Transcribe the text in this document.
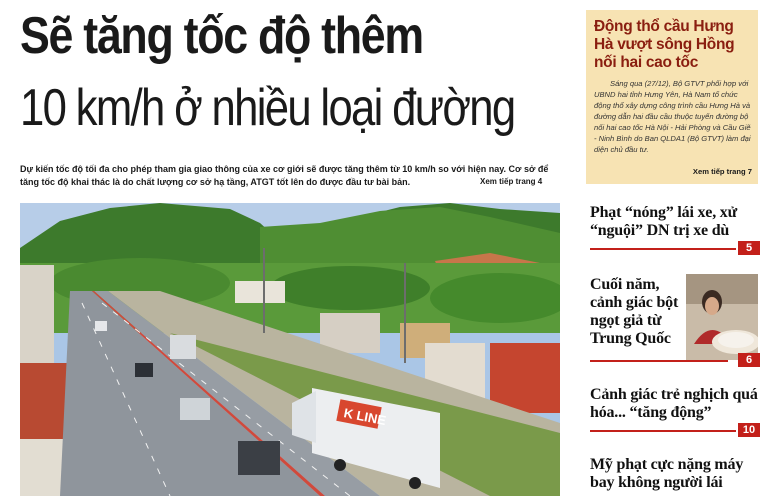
Sẽ tăng tốc độ thêm
10 km/h ở nhiều loại đường
Dự kiến tốc độ tối đa cho phép tham gia giao thông của xe cơ giới sẽ được tăng thêm từ 10 km/h so với hiện nay. Cơ sở để tăng tốc độ khai thác là do chất lượng cơ sở hạ tầng, ATGT tốt lên do được đầu tư bài bản.	Xem tiếp trang 4
K LINE
Động thổ cầu Hưng Hà vượt sông Hồng nối hai cao tốc
Sáng qua (27/12), Bộ GTVT phối hợp với UBND hai tỉnh Hưng Yên, Hà Nam tổ chức động thổ xây dựng công trình cầu Hưng Hà và đường dẫn hai đầu cầu thuộc tuyến đường bộ nối hai cao tốc Hà Nội - Hải Phòng và Cầu Giẽ - Ninh Bình do Ban QLDA1 (Bộ GTVT) làm đại diện chủ đầu tư.
Xem tiếp trang 7
Phạt “nóng” lái xe, xử “nguội” DN trị xe dù
5
Cuối năm, cảnh giác bột ngọt giả từ Trung Quốc
6
Cảnh giác trẻ nghịch quá hóa... “tăng động”
10
Mỹ phạt cực nặng máy bay không người lái
